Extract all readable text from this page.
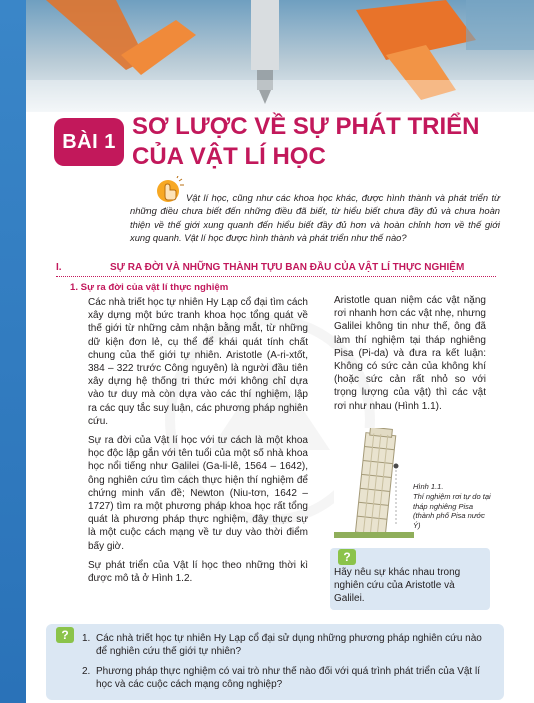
BÀI 1
SƠ LƯỢC VỀ SỰ PHÁT TRIỂN
CỦA VẬT LÍ HỌC
Vật lí học, cũng như các khoa học khác, được hình thành và phát triển từ những điều chưa biết đến những điều đã biết, từ hiểu biết chưa đầy đủ và chưa hoàn thiện về thế giới xung quanh đến hiểu biết đầy đủ hơn và hoàn chỉnh hơn về thế giới xung quanh. Vật lí học được hình thành và phát triển như thế nào?
I.	SỰ RA ĐỜI VÀ NHỮNG THÀNH TỰU BAN ĐẦU CỦA VẬT LÍ THỰC NGHIỆM
1. Sự ra đời của vật lí thực nghiệm

Các nhà triết học tự nhiên Hy Lạp cổ đại tìm cách xây dựng một bức tranh khoa học tổng quát về thế giới từ những cảm nhận bằng mắt, từ những dữ kiện đơn lẻ, cụ thể để khái quát tính chất chung của thế giới tự nhiên. Aristotle (A-ri-xtốt, 384 – 322 trước Công nguyên) là người đầu tiên xây dựng hệ thống tri thức mới không chỉ dựa vào tư duy mà còn dựa vào các thí nghiệm, lập ra các quy tắc suy luận, các phương pháp nghiên cứu.

Sự ra đời của Vật lí học với tư cách là một khoa học độc lập gắn với tên tuổi của một số nhà khoa học nổi tiếng như Galilei (Ga-li-lê, 1564 – 1642), ông nghiên cứu tìm cách thực hiện thí nghiệm để chứng minh vấn đề; Newton (Niu-tơn, 1642 – 1727) tìm ra một phương pháp khoa học rất tổng quát là phương pháp thực nghiệm, đây thực sự là một cuộc cách mạng về tư duy vào thời điểm bấy giờ.

Sự phát triển của Vật lí học theo những thời kì được mô tả ở Hình 1.2.

Aristotle quan niệm các vật nặng rơi nhanh hơn các vật nhẹ, nhưng Galilei không tin như thế, ông đã làm thí nghiệm tại tháp nghiêng Pisa (Pi-da) và đưa ra kết luận: Không có sức cản của không khí (hoặc sức cản rất nhỏ so với trọng lượng của vật) thì các vật rơi như nhau (Hình 1.1).
Hình 1.1.
Thí nghiệm rơi tự do tại tháp nghiêng Pisa (thành phố Pisa nước Ý)
?
Hãy nêu sự khác nhau trong nghiên cứu của Aristotle và Galilei.
?	1. Các nhà triết học tự nhiên Hy Lạp cổ đại sử dụng những phương pháp nghiên cứu nào để nghiên cứu thế giới tự nhiên?
2. Phương pháp thực nghiệm có vai trò như thế nào đối với quá trình phát triển của Vật lí học và các cuộc cách mạng công nghiệp?
